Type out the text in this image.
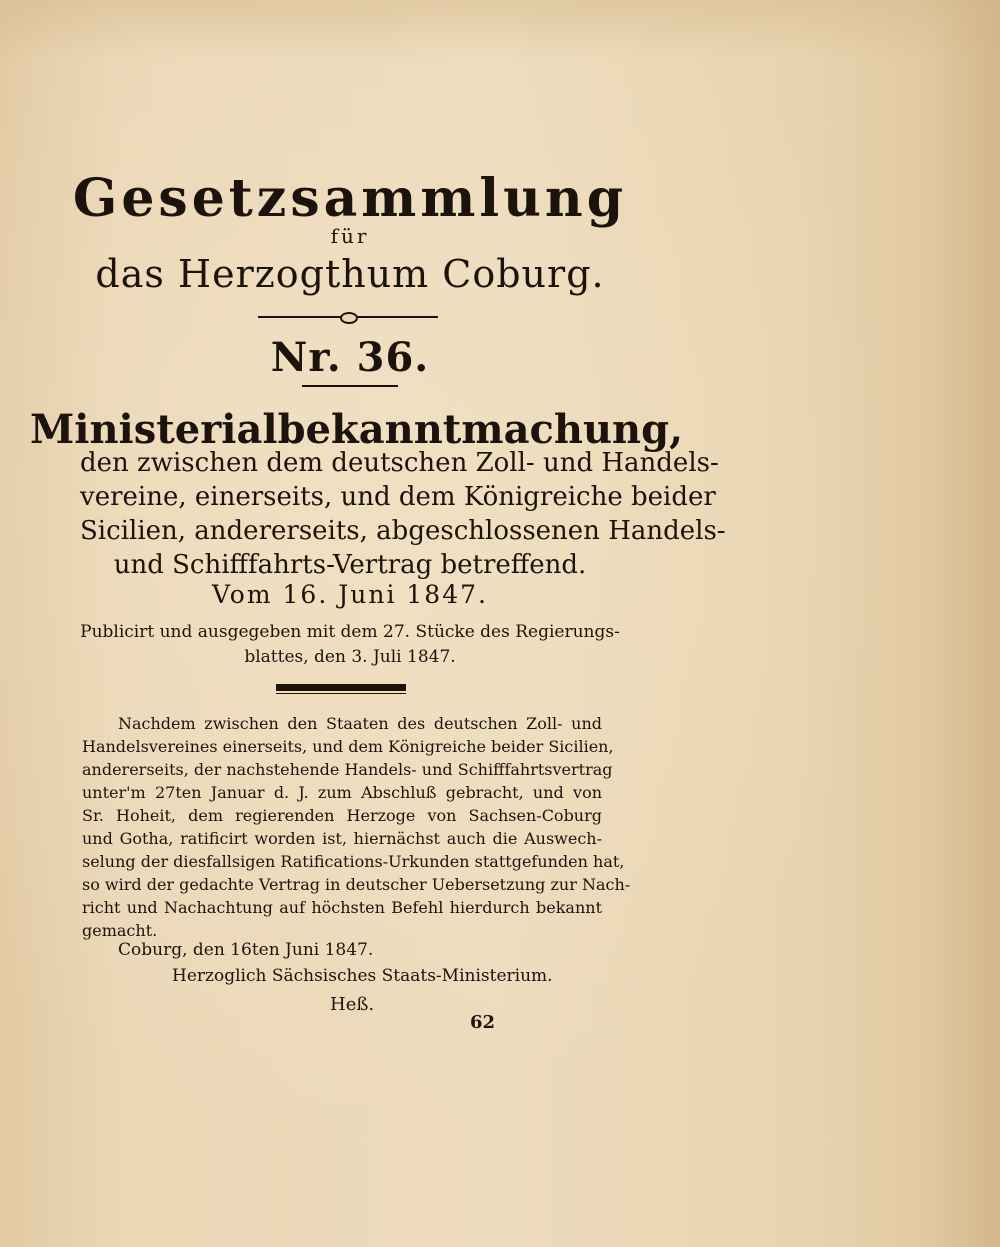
Gesetzsammlung
für
das Herzogthum Coburg.
Nr. 36.
Ministerialbekanntmachung,
den zwischen dem deutschen Zoll- und Handels-
vereine, einerseits, und dem Königreiche beider
Sicilien, andererseits, abgeschlossenen Handels-
und Schifffahrts-Vertrag betreffend.
Vom 16. Juni 1847.
Publicirt und ausgegeben mit dem 27. Stücke des Regierungs-
blattes, den 3. Juli 1847.
Nachdem zwischen den Staaten des deutschen Zoll- und
Handelsvereines einerseits, und dem Königreiche beider Sicilien,
andererseits, der nachstehende Handels- und Schifffahrtsvertrag
unter'm 27ten Januar d. J. zum Abschluß gebracht, und von
Sr. Hoheit, dem regierenden Herzoge von Sachsen-Coburg
und Gotha, ratificirt worden ist, hiernächst auch die Auswech-
selung der diesfallsigen Ratifications-Urkunden stattgefunden hat,
so wird der gedachte Vertrag in deutscher Uebersetzung zur Nach-
richt und Nachachtung auf höchsten Befehl hierdurch bekannt
gemacht.
Coburg, den 16ten Juni 1847.
Herzoglich Sächsisches Staats-Ministerium.
Heß.
62
